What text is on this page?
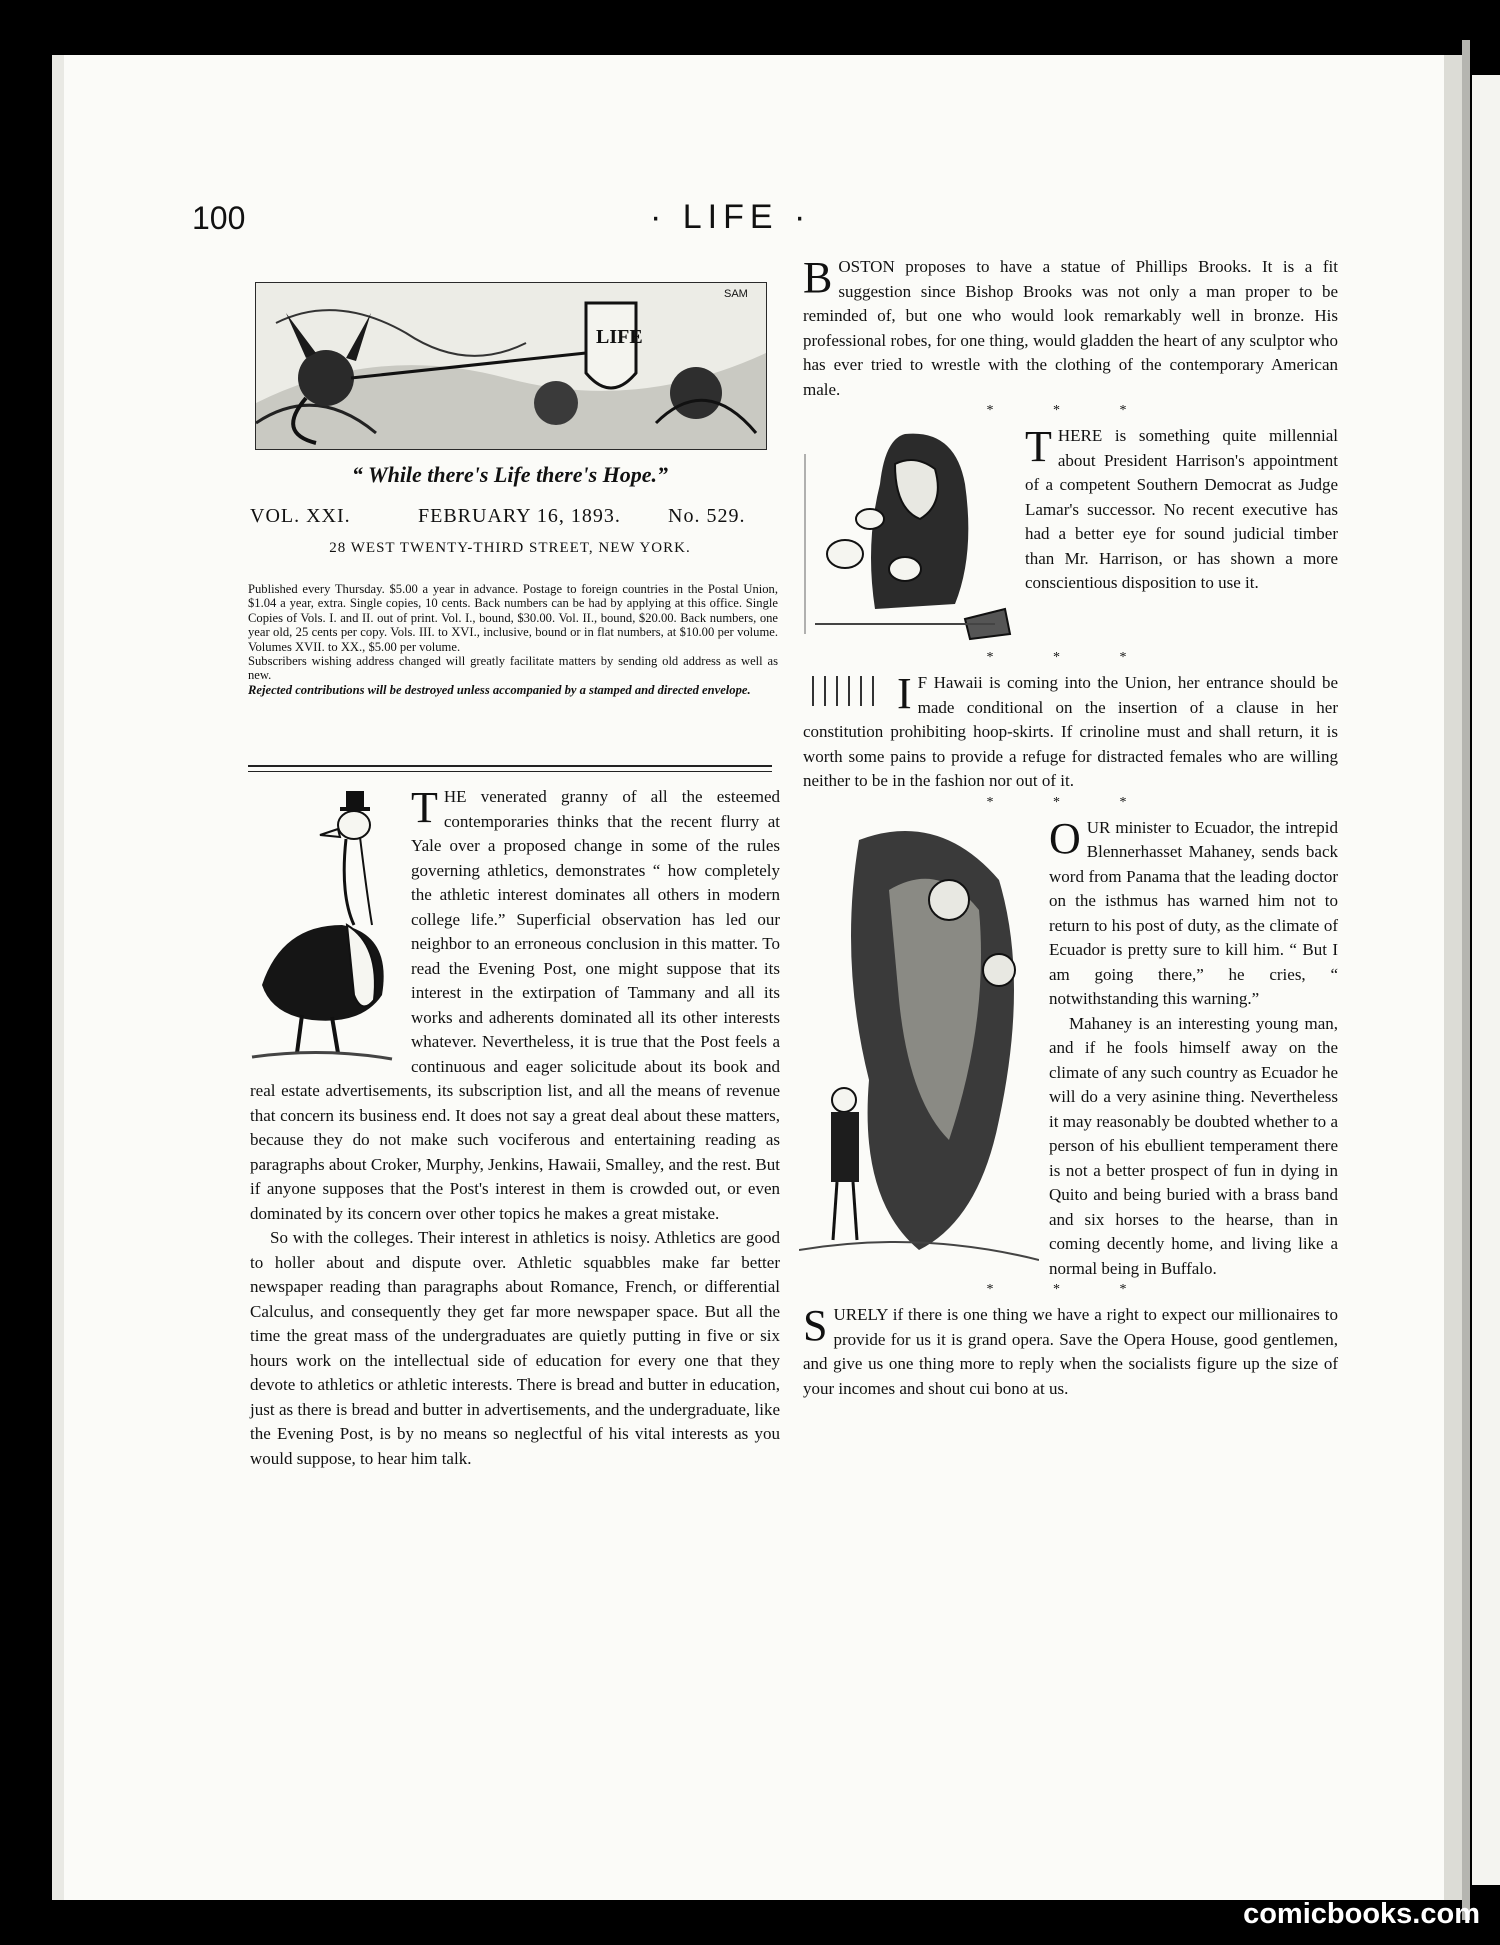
100	· LIFE ·
LIFE
SAM
“ While there's Life there's Hope.”
VOL. XXI.	FEBRUARY 16, 1893. No. 529.
28 WEST TWENTY-THIRD STREET, NEW YORK.

Published every Thursday. $5.00 a year in advance. Postage to foreign countries in the Postal Union, $1.04 a year, extra. Single copies, 10 cents. Back numbers can be had by applying at this office. Single Copies of Vols. I. and II. out of print. Vol. I., bound, $30.00. Vol. II., bound, $20.00. Back numbers, one year old, 25 cents per copy. Vols. III. to XVI., inclusive, bound or in flat numbers, at $10.00 per volume. Volumes XVII. to XX., $5.00 per volume.

Subscribers wishing address changed will greatly facilitate matters by sending old address as well as new.

Rejected contributions will be destroyed unless accompanied by a stamped and directed envelope.

T HE venerated granny of all the esteemed contemporaries thinks that the recent flurry at Yale over a proposed change in some of the rules governing athletics, demonstrates “ how completely the athletic interest dominates all others in modern college life.” Superficial observation has led our neighbor to an erroneous conclusion in this matter. To read the Evening Post, one might suppose that its interest in the extirpation of Tammany and all its works and adherents dominated all its other interests whatever. Nevertheless, it is true that the Post feels a continuous and eager solicitude about its book and real estate advertisements, its subscription list, and all the means of revenue that concern its business end. It does not say a great deal about these matters, because they do not make such vociferous and entertaining reading as paragraphs about Croker, Murphy, Jenkins, Hawaii, Smalley, and the rest. But if anyone supposes that the Post's interest in them is crowded out, or even dominated by its concern over other topics he makes a great mistake.

So with the colleges. Their interest in athletics is noisy. Athletics are good to holler about and dispute over. Athletic squabbles make far better newspaper reading than paragraphs about Romance, French, or differential Calculus, and consequently they get far more newspaper space. But all the time the great mass of the undergraduates are quietly putting in five or six hours work on the intellectual side of education for every one that they devote to athletics or athletic interests. There is bread and butter in education, just as there is bread and butter in advertisements, and the undergraduate, like the Evening Post, is by no means so neglectful of his vital interests as you would suppose, to hear him talk.

B OSTON proposes to have a statue of Phillips Brooks. It is a fit suggestion since Bishop Brooks was not only a man proper to be reminded of, but one who would look remarkably well in bronze. His professional robes, for one thing, would gladden the heart of any sculptor who has ever tried to wrestle with the clothing of the contemporary American male.

* * *

T HERE is something quite millennial about President Harrison's appointment of a competent Southern Democrat as Judge Lamar's successor. No recent executive has had a better eye for sound judicial timber than Mr. Harrison, or has shown a more conscientious disposition to use it.

* * *

I F Hawaii is coming into the Union, her entrance should be made conditional on the insertion of a clause in her constitution prohibiting hoop-skirts. If crinoline must and shall return, it is worth some pains to provide a refuge for distracted females who are willing neither to be in the fashion nor out of it.

* * *

O UR minister to Ecuador, the intrepid Blennerhasset Mahaney, sends back word from Panama that the leading doctor on the isthmus has warned him not to return to his post of duty, as the climate of Ecuador is pretty sure to kill him. “ But I am going there,” he cries, “ notwithstanding this warning.”

Mahaney is an interesting young man, and if he fools himself away on the climate of any such country as Ecuador he will do a very asinine thing. Nevertheless it may reasonably be doubted whether to a person of his ebullient temperament there is not a better prospect of fun in dying in Quito and being buried with a brass band and six horses to the hearse, than in coming decently home, and living like a normal being in Buffalo.

* * *

S URELY if there is one thing we have a right to expect our millionaires to provide for us it is grand opera. Save the Opera House, good gentlemen, and give us one thing more to reply when the socialists figure up the size of your incomes and shout cui bono at us.

comicbooks.com
